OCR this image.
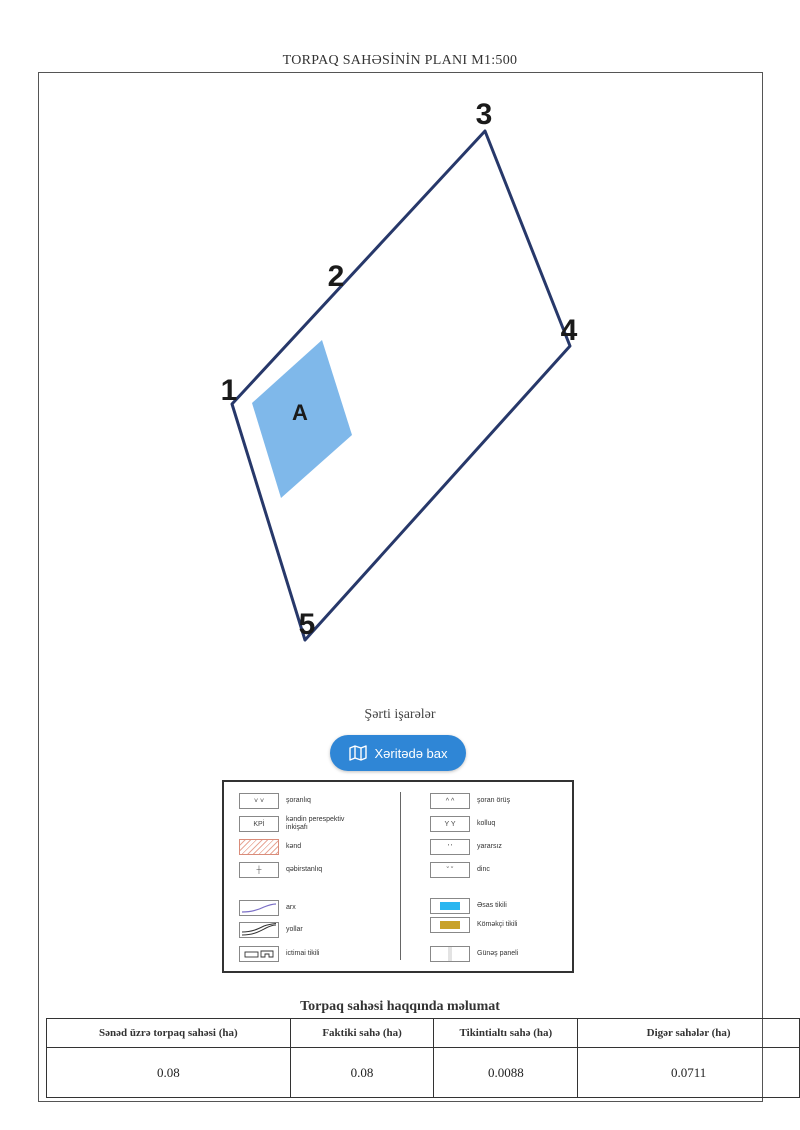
TORPAQ SAHƏSİNİN PLANI M1:500
A
1
2
3
4
5
Şərti işarələr
Xəritədə bax
˅ ˅	şoranlıq
KPİ
kəndin perespektiv inkişafı
kənd
┼	qəbirstanlıq
arx
yollar
ictimai tikili
^ ^	şoran örüş
Y Y	kolluq
' '	yararsız
˘ ˘	dinc
Əsas tikili
Köməkçi tikili
Günəş paneli
Torpaq sahəsi haqqında məlumat
Sənəd üzrə torpaq sahəsi (ha)	Faktiki sahə (ha)	Tikintialtı sahə (ha)	Digər sahələr (ha)
0.08	0.08	0.0088	0.0711
